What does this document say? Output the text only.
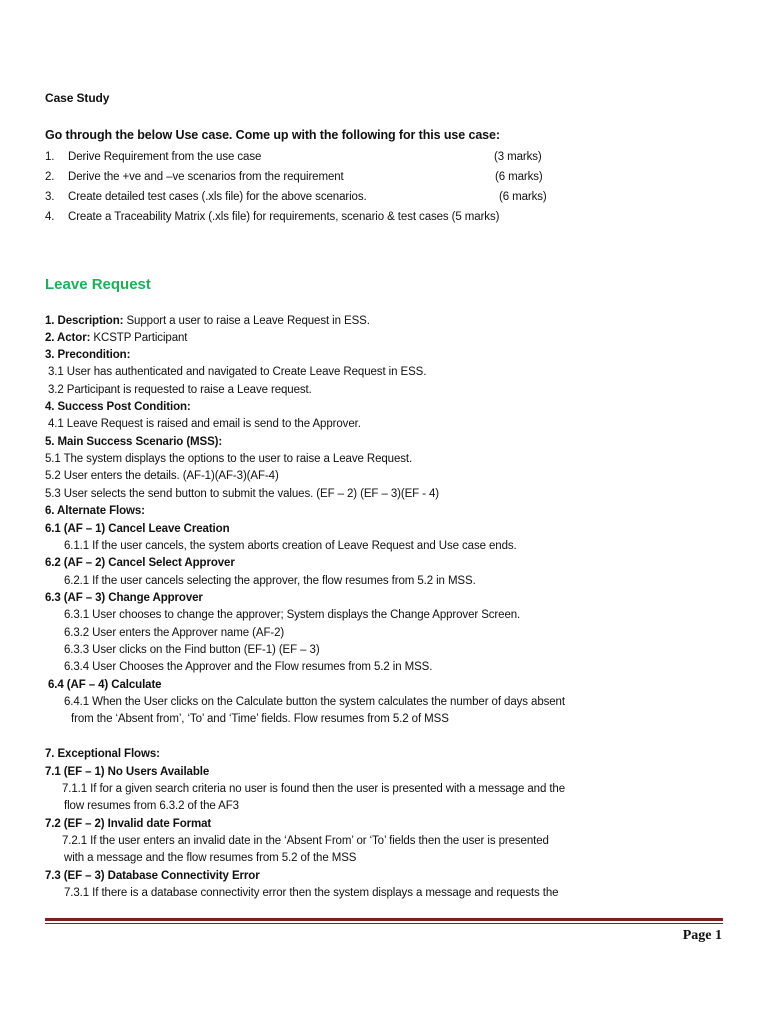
Case Study
Go through the below Use case. Come up with the following for this use case:
1. Derive Requirement from the use case	(3 marks)
2. Derive the +ve and –ve scenarios from the requirement	(6 marks)
3. Create detailed test cases (.xls file) for the above scenarios.	(6 marks)
4. Create a Traceability Matrix (.xls file) for requirements, scenario & test cases (5 marks)
Leave Request
1. Description: Support a user to raise a Leave Request in ESS.
2. Actor: KCSTP Participant
3. Precondition:
3.1 User has authenticated and navigated to Create Leave Request in ESS.
3.2 Participant is requested to raise a Leave request.
4. Success Post Condition:
4.1 Leave Request is raised and email is send to the Approver.
5. Main Success Scenario (MSS):
5.1 The system displays the options to the user to raise a Leave Request.
5.2 User enters the details. (AF-1)(AF-3)(AF-4)
5.3 User selects the send button to submit the values. (EF – 2) (EF – 3)(EF - 4)
6. Alternate Flows:
6.1 (AF – 1) Cancel Leave Creation
6.1.1 If the user cancels, the system aborts creation of Leave Request and Use case ends.
6.2 (AF – 2) Cancel Select Approver
6.2.1 If the user cancels selecting the approver, the flow resumes from 5.2 in MSS.
6.3 (AF – 3) Change Approver
6.3.1 User chooses to change the approver; System displays the Change Approver Screen.
6.3.2 User enters the Approver name (AF-2)
6.3.3 User clicks on the Find button (EF-1) (EF – 3)
6.3.4 User Chooses the Approver and the Flow resumes from 5.2 in MSS.
6.4 (AF – 4) Calculate
6.4.1 When the User clicks on the Calculate button the system calculates the number of days absent
from the ‘Absent from’, ‘To’ and ‘Time’ fields. Flow resumes from 5.2 of MSS
7. Exceptional Flows:
7.1 (EF – 1) No Users Available
7.1.1 If for a given search criteria no user is found then the user is presented with a message and the
flow resumes from 6.3.2 of the AF3
7.2 (EF – 2) Invalid date Format
7.2.1 If the user enters an invalid date in the ‘Absent From’ or ‘To’ fields then the user is presented
with a message and the flow resumes from 5.2 of the MSS
7.3 (EF – 3) Database Connectivity Error
7.3.1 If there is a database connectivity error then the system displays a message and requests the
Page 1
